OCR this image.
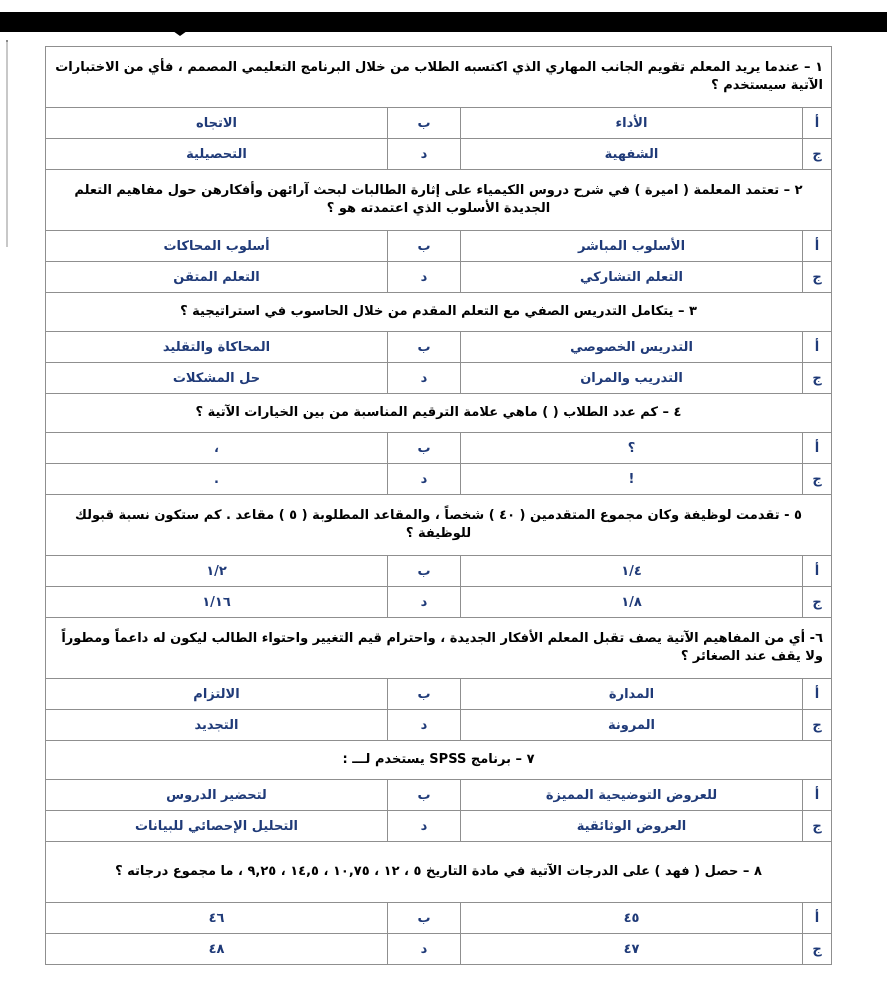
١ – عندما يريد المعلم تقويم الجانب المهاري الذي اكتسبه الطلاب من خلال البرنامج التعليمي المصمم ، فأي من الاختبارات الآتية سيستخدم ؟			
أ	الأداء	ب	الاتجاه
ج	الشفهية	د	التحصيلية
٢ – تعتمد المعلمة ( اميرة ) في شرح دروس الكيمياء على إثارة الطالبات لبحث آرائهن وأفكارهن حول مفاهيم التعلم الجديدة الأسلوب الذي اعتمدته هو ؟			
أ	الأسلوب المباشر	ب	أسلوب المحاكات
ج	التعلم التشاركي	د	التعلم المتقن
٣ – يتكامل التدريس الصفي مع التعلم المقدم من خلال الحاسوب في استراتيجية ؟			
أ	التدريس الخصوصي	ب	المحاكاة والتقليد
ج	التدريب والمران	د	حل المشكلات
٤ – كم عدد الطلاب ( ) ماهي علامة الترقيم المناسبة من بين الخيارات الآتية ؟			
أ	؟	ب	،
ج	!	د	.
٥ - تقدمت لوظيفة وكان مجموع المتقدمين ( ٤٠ ) شخصاً ، والمقاعد المطلوبة ( ٥ ) مقاعد . كم ستكون نسبة قبولك للوظيفة ؟			
أ	١/٤	ب	١/٢
ج	١/٨	د	١/١٦
٦- أي من المفاهيم الآتية يصف تقبل المعلم الأفكار الجديدة ، واحترام قيم التغيير واحتواء الطالب ليكون له داعماً ومطوراً ولا يقف عند الصغائر ؟			
أ	المدارة	ب	الالتزام
ج	المرونة	د	التجديد
٧ – برنامج SPSS يستخدم لـــ :			
أ	للعروض التوضيحية المميزة	ب	لتحضير الدروس
ج	العروض الوثائقية	د	التحليل الإحصائي للبيانات
٨ – حصل ( فهد ) على الدرجات الآتية في مادة التاريخ ٥ ، ١٢ ، ١٠,٧٥ ، ١٤,٥ ، ٩,٢٥ ، ما مجموع درجاته ؟			
أ	٤٥	ب	٤٦
ج	٤٧	د	٤٨
